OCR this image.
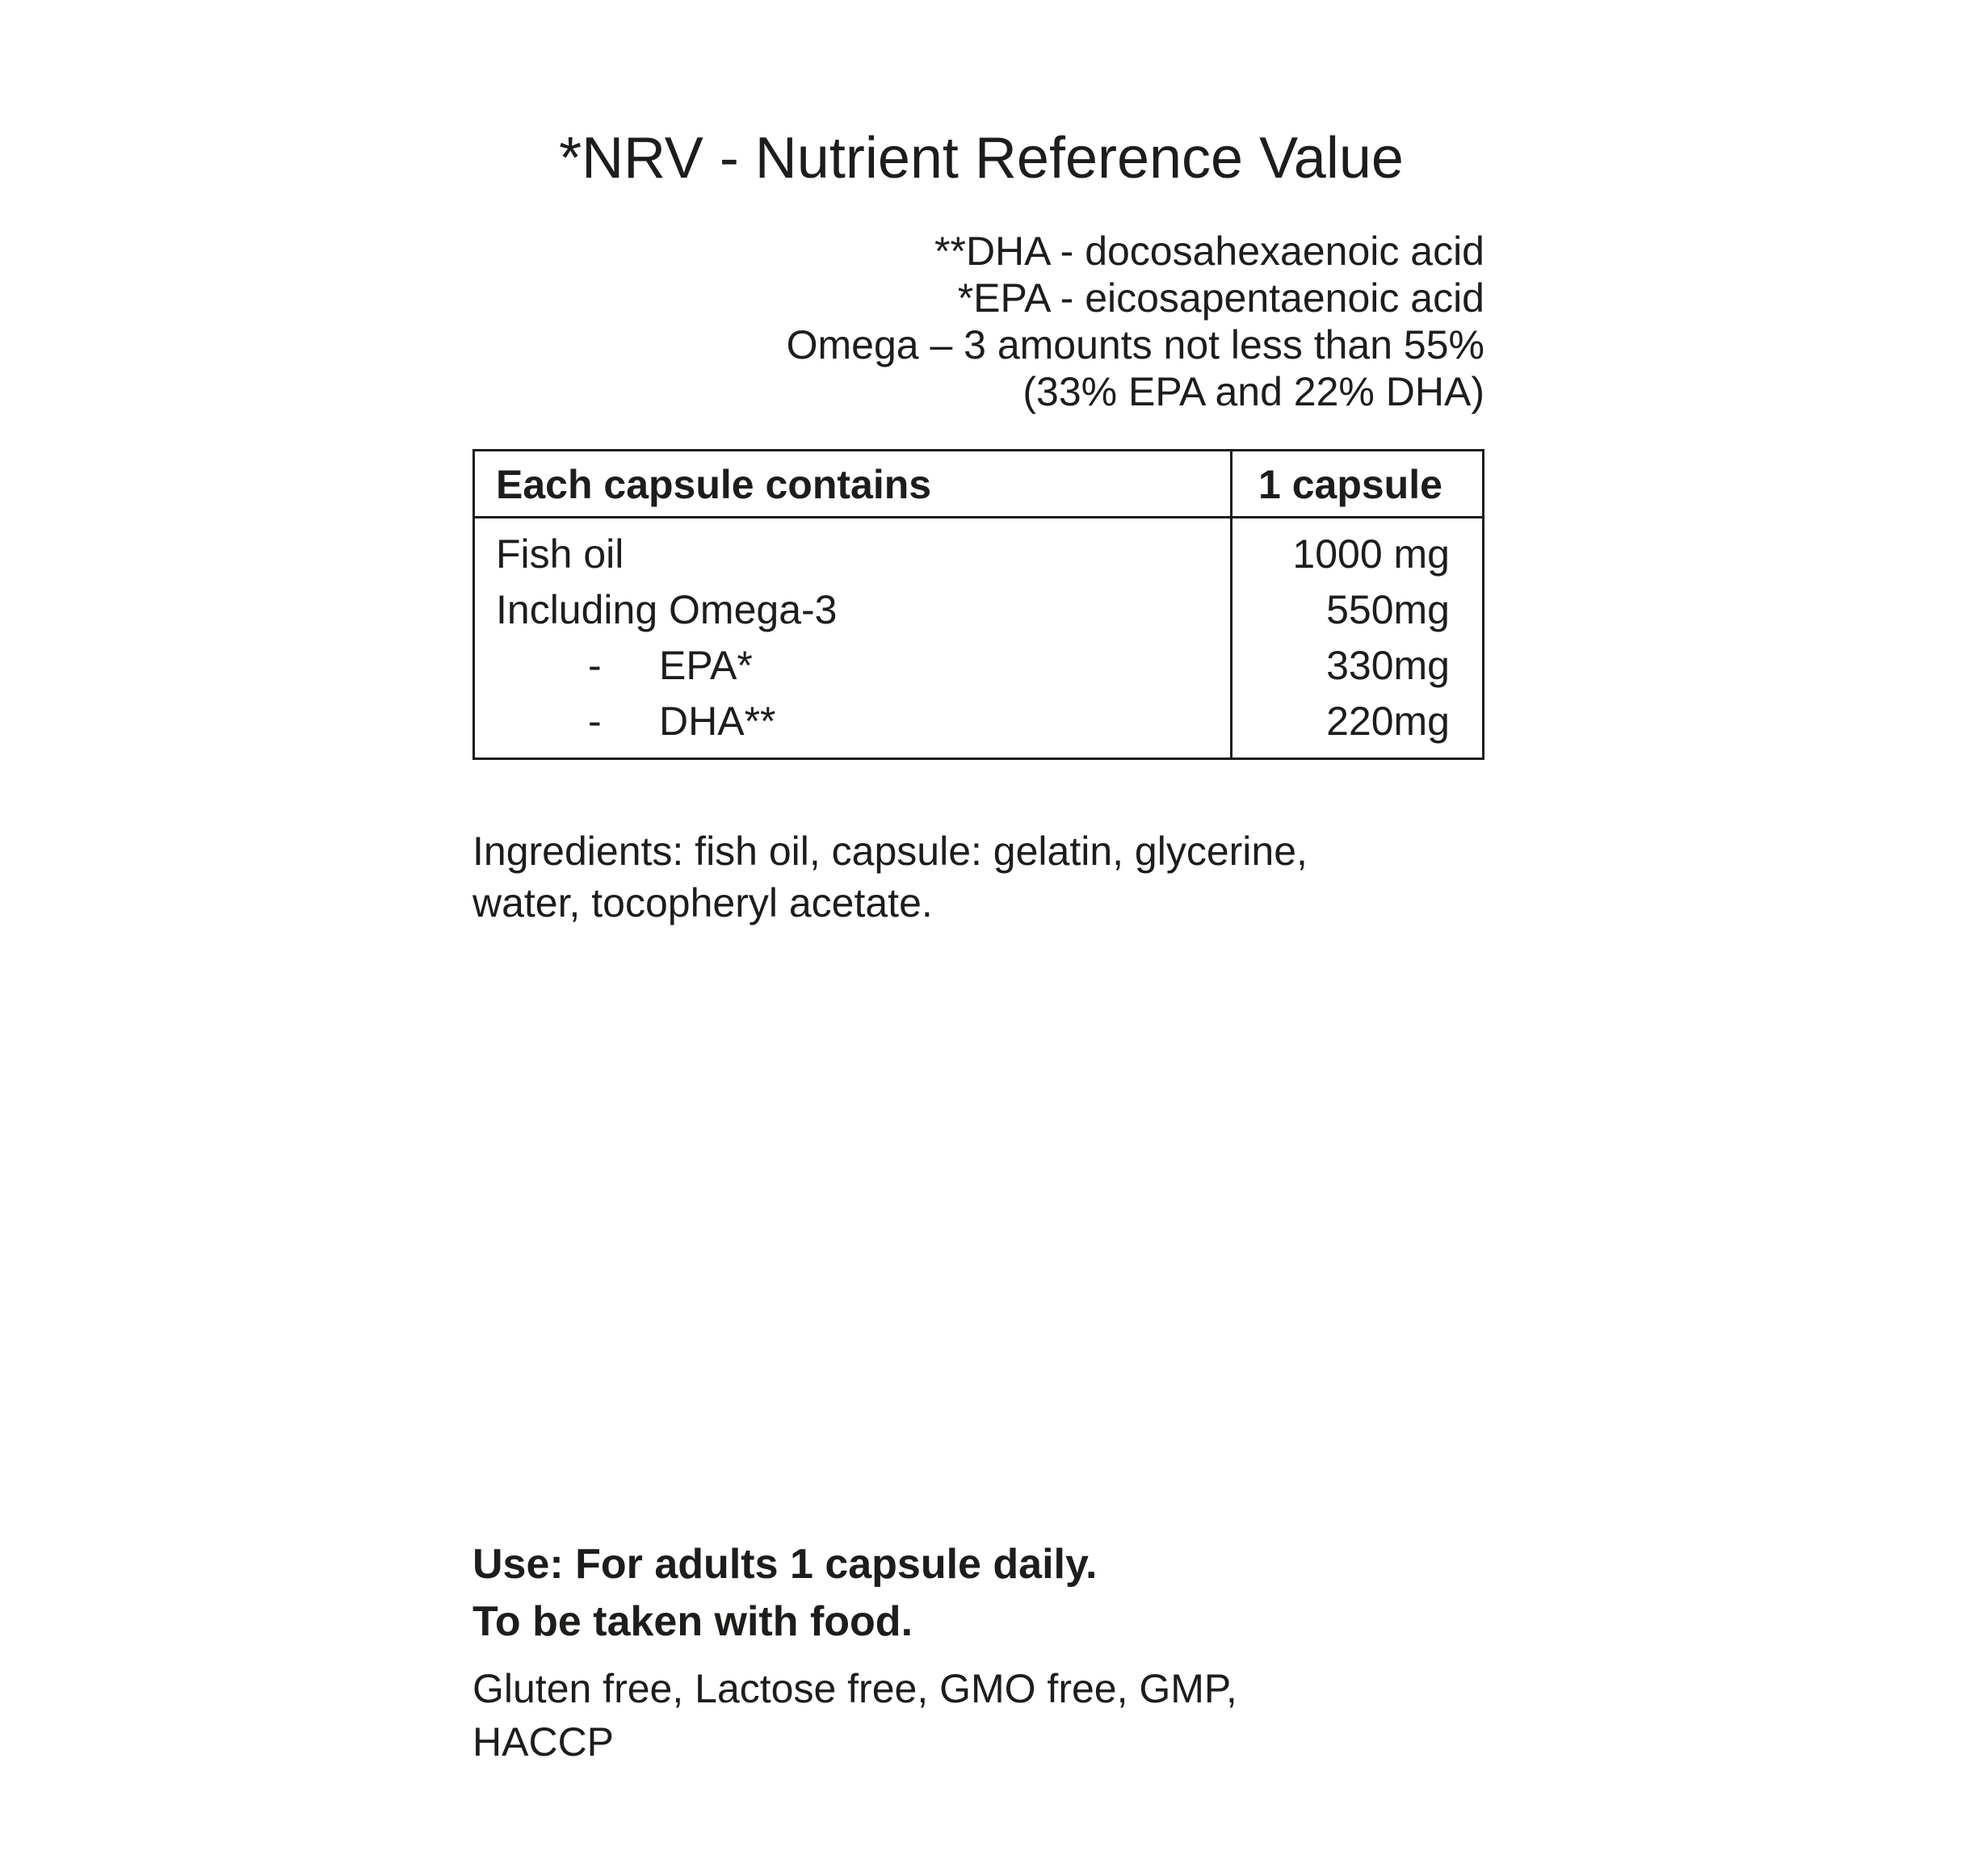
*NRV - Nutrient Reference Value
**DHA - docosahexaenoic acid
*EPA - eicosapentaenoic acid
Omega – 3 amounts not less than 55%
(33% EPA and 22% DHA)
Each capsule contains	1 capsule
Fish oil	1000 mg
Including Omega-3	550mg
- EPA*	330mg
- DHA**	220mg
Ingredients: fish oil, capsule: gelatin, glycerine,
water, tocopheryl acetate.
Use: For adults 1 capsule daily.
To be taken with food.
Gluten free, Lactose free, GMO free, GMP,
HACCP
